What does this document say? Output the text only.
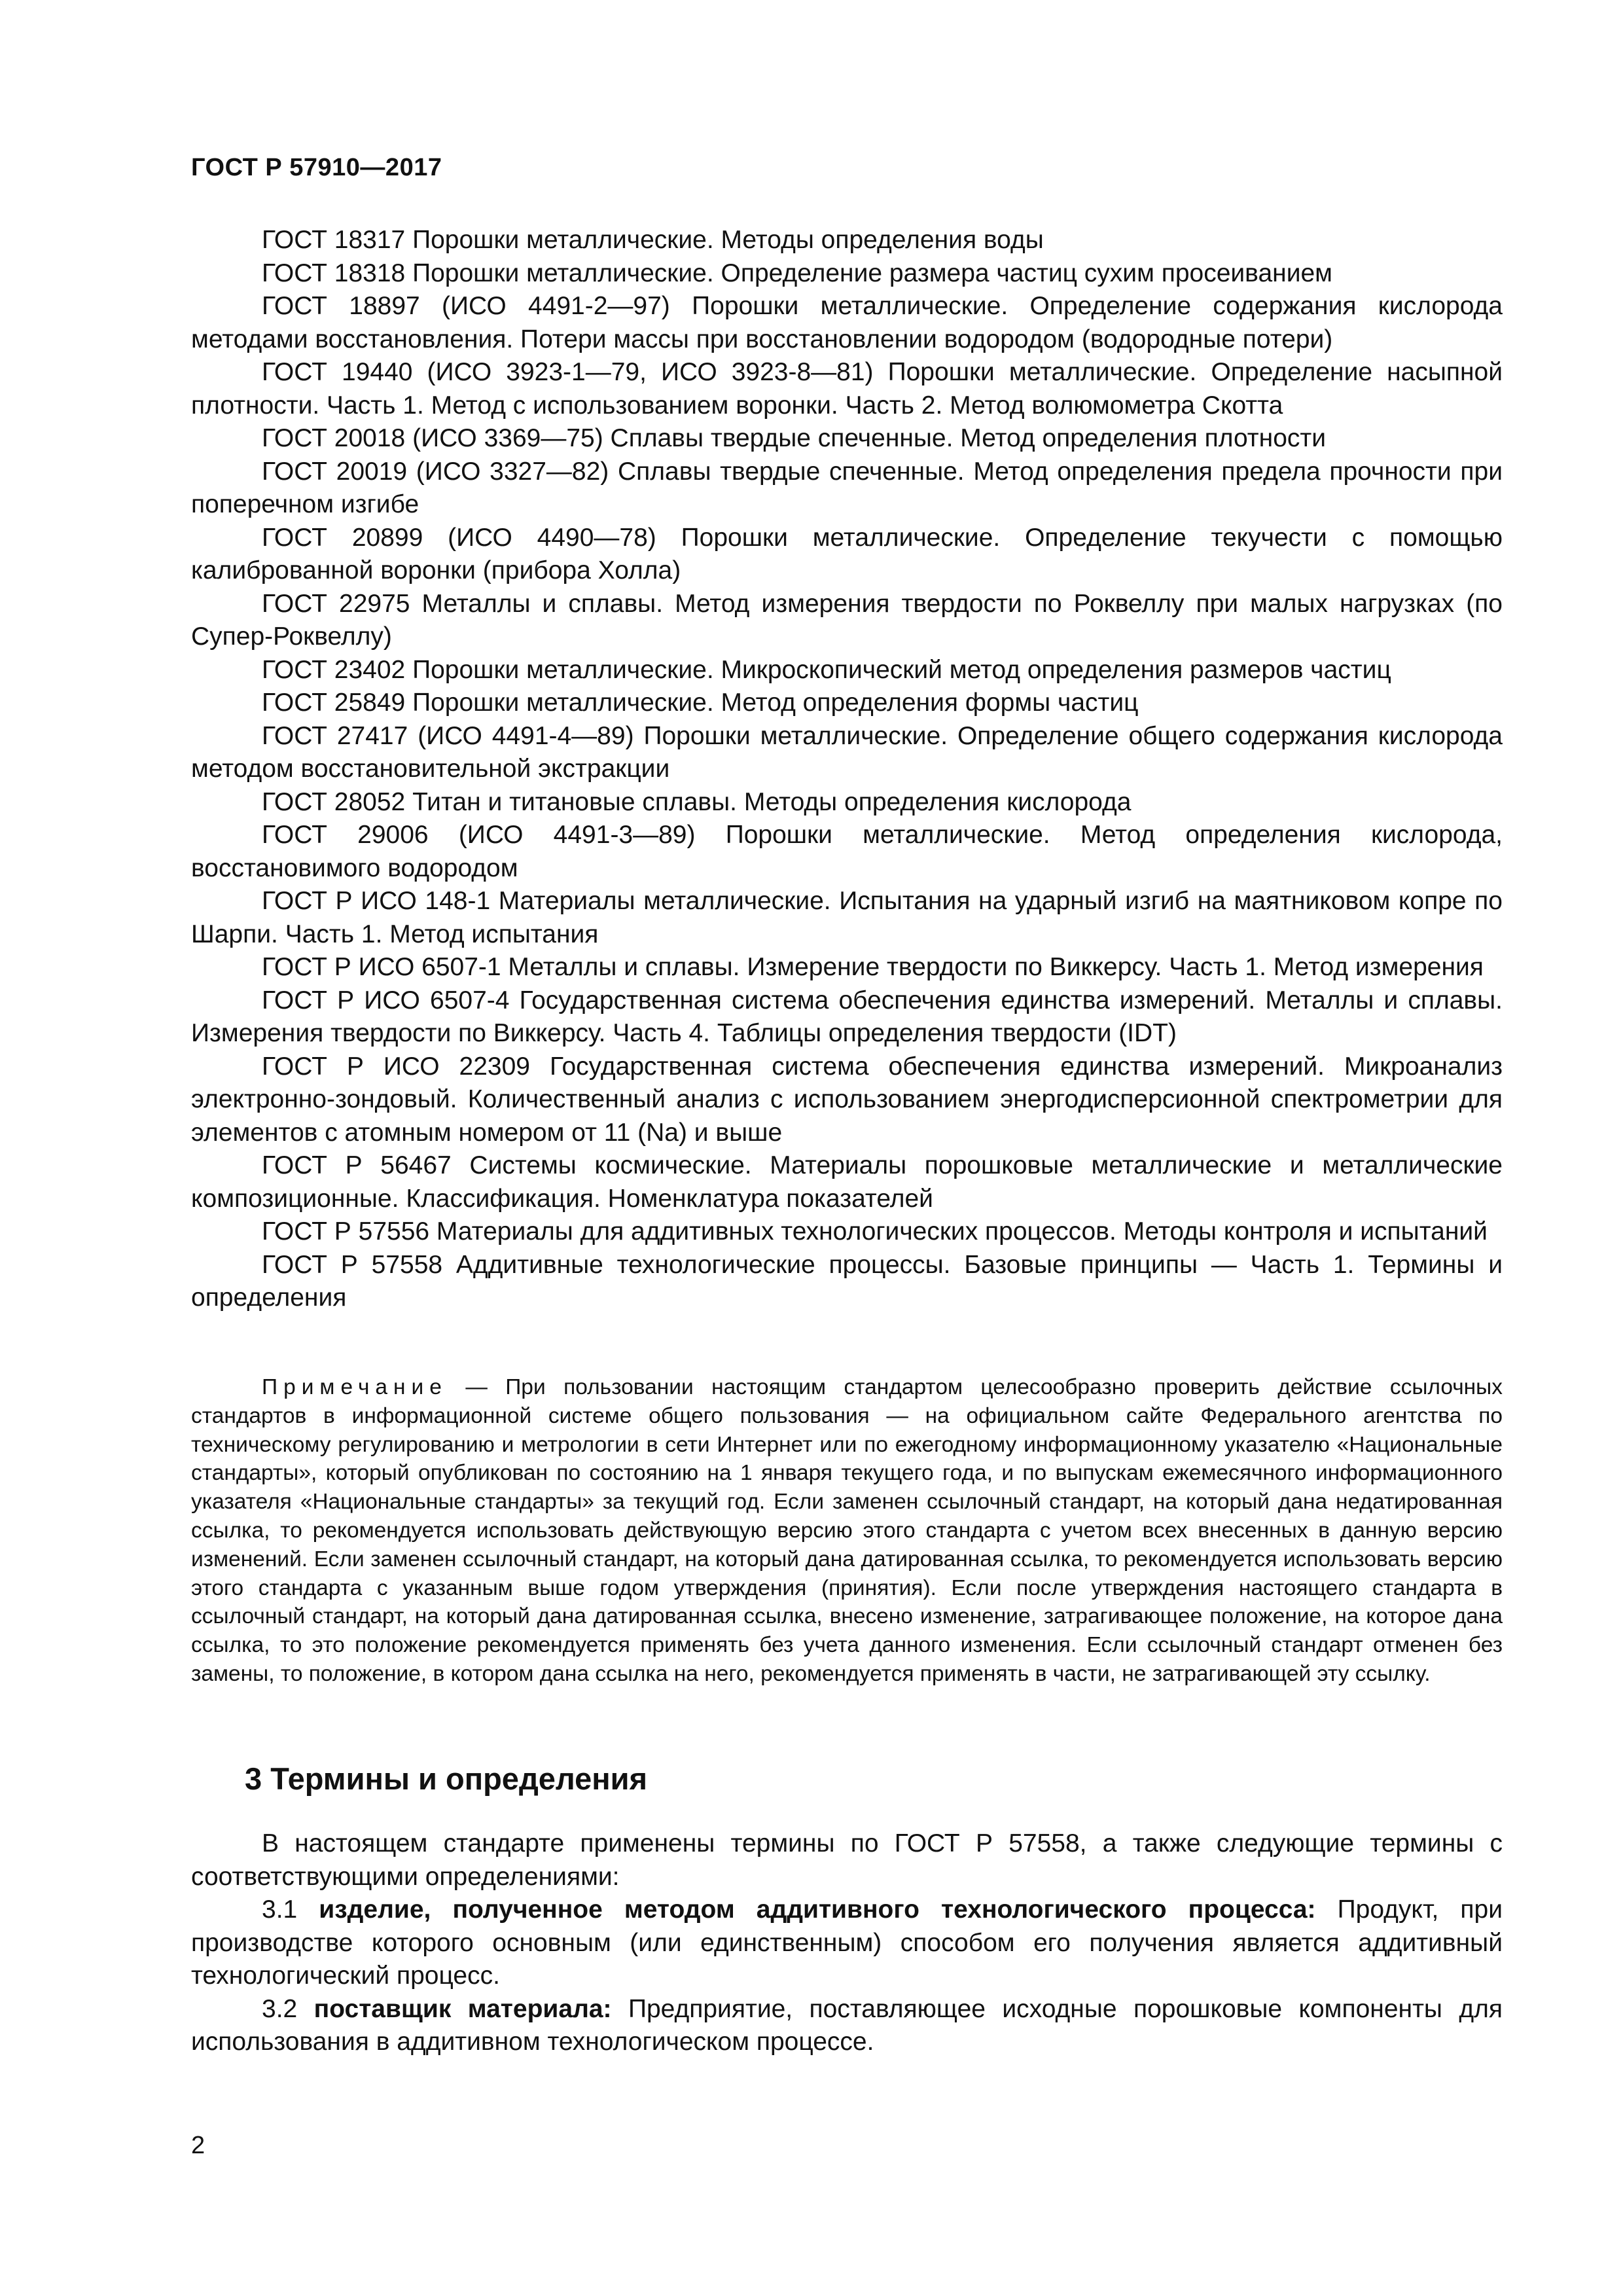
ГОСТ Р 57910—2017

ГОСТ 18317 Порошки металлические. Методы определения воды

ГОСТ 18318 Порошки металлические. Определение размера частиц сухим просеиванием

ГОСТ 18897 (ИСО 4491-2—97) Порошки металлические. Определение содержания кислорода методами восстановления. Потери массы при восстановлении водородом (водородные потери)

ГОСТ 19440 (ИСО 3923-1—79, ИСО 3923-8—81) Порошки металлические. Определение насыпной плотности. Часть 1. Метод с использованием воронки. Часть 2. Метод волюмометра Скотта

ГОСТ 20018 (ИСО 3369—75) Сплавы твердые спеченные. Метод определения плотности

ГОСТ 20019 (ИСО 3327—82) Сплавы твердые спеченные. Метод определения предела прочности при поперечном изгибе

ГОСТ 20899 (ИСО 4490—78) Порошки металлические. Определение текучести с помощью калиброванной воронки (прибора Холла)

ГОСТ 22975 Металлы и сплавы. Метод измерения твердости по Роквеллу при малых нагрузках (по Супер-Роквеллу)

ГОСТ 23402 Порошки металлические. Микроскопический метод определения размеров частиц

ГОСТ 25849 Порошки металлические. Метод определения формы частиц

ГОСТ 27417 (ИСО 4491-4—89) Порошки металлические. Определение общего содержания кислорода методом восстановительной экстракции

ГОСТ 28052 Титан и титановые сплавы. Методы определения кислорода

ГОСТ 29006 (ИСО 4491-3—89) Порошки металлические. Метод определения кислорода, восстановимого водородом

ГОСТ Р ИСО 148-1 Материалы металлические. Испытания на ударный изгиб на маятниковом копре по Шарпи. Часть 1. Метод испытания

ГОСТ Р ИСО 6507-1 Металлы и сплавы. Измерение твердости по Виккерсу. Часть 1. Метод измерения

ГОСТ Р ИСО 6507-4 Государственная система обеспечения единства измерений. Металлы и сплавы. Измерения твердости по Виккерсу. Часть 4. Таблицы определения твердости (IDT)

ГОСТ Р ИСО 22309 Государственная система обеспечения единства измерений. Микроанализ электронно-зондовый. Количественный анализ с использованием энергодисперсионной спектрометрии для элементов с атомным номером от 11 (Na) и выше

ГОСТ Р 56467 Системы космические. Материалы порошковые металлические и металлические композиционные. Классификация. Номенклатура показателей

ГОСТ Р 57556 Материалы для аддитивных технологических процессов. Методы контроля и испытаний

ГОСТ Р 57558 Аддитивные технологические процессы. Базовые принципы — Часть 1. Термины и определения

Примечание — При пользовании настоящим стандартом целесообразно проверить действие ссылочных стандартов в информационной системе общего пользования — на официальном сайте Федерального агентства по техническому регулированию и метрологии в сети Интернет или по ежегодному информационному указателю «Национальные стандарты», который опубликован по состоянию на 1 января текущего года, и по выпускам ежемесячного информационного указателя «Национальные стандарты» за текущий год. Если заменен ссылочный стандарт, на который дана недатированная ссылка, то рекомендуется использовать действующую версию этого стандарта с учетом всех внесенных в данную версию изменений. Если заменен ссылочный стандарт, на который дана датированная ссылка, то рекомендуется использовать версию этого стандарта с указанным выше годом утверждения (принятия). Если после утверждения настоящего стандарта в ссылочный стандарт, на который дана датированная ссылка, внесено изменение, затрагивающее положение, на которое дана ссылка, то это положение рекомендуется применять без учета данного изменения. Если ссылочный стандарт отменен без замены, то положение, в котором дана ссылка на него, рекомендуется применять в части, не затрагивающей эту ссылку.

3 Термины и определения

В настоящем стандарте применены термины по ГОСТ Р 57558, а также следующие термины с соответствующими определениями:

3.1 изделие, полученное методом аддитивного технологического процесса: Продукт, при производстве которого основным (или единственным) способом его получения является аддитивный технологический процесс.

3.2 поставщик материала: Предприятие, поставляющее исходные порошковые компоненты для использования в аддитивном технологическом процессе.

2
